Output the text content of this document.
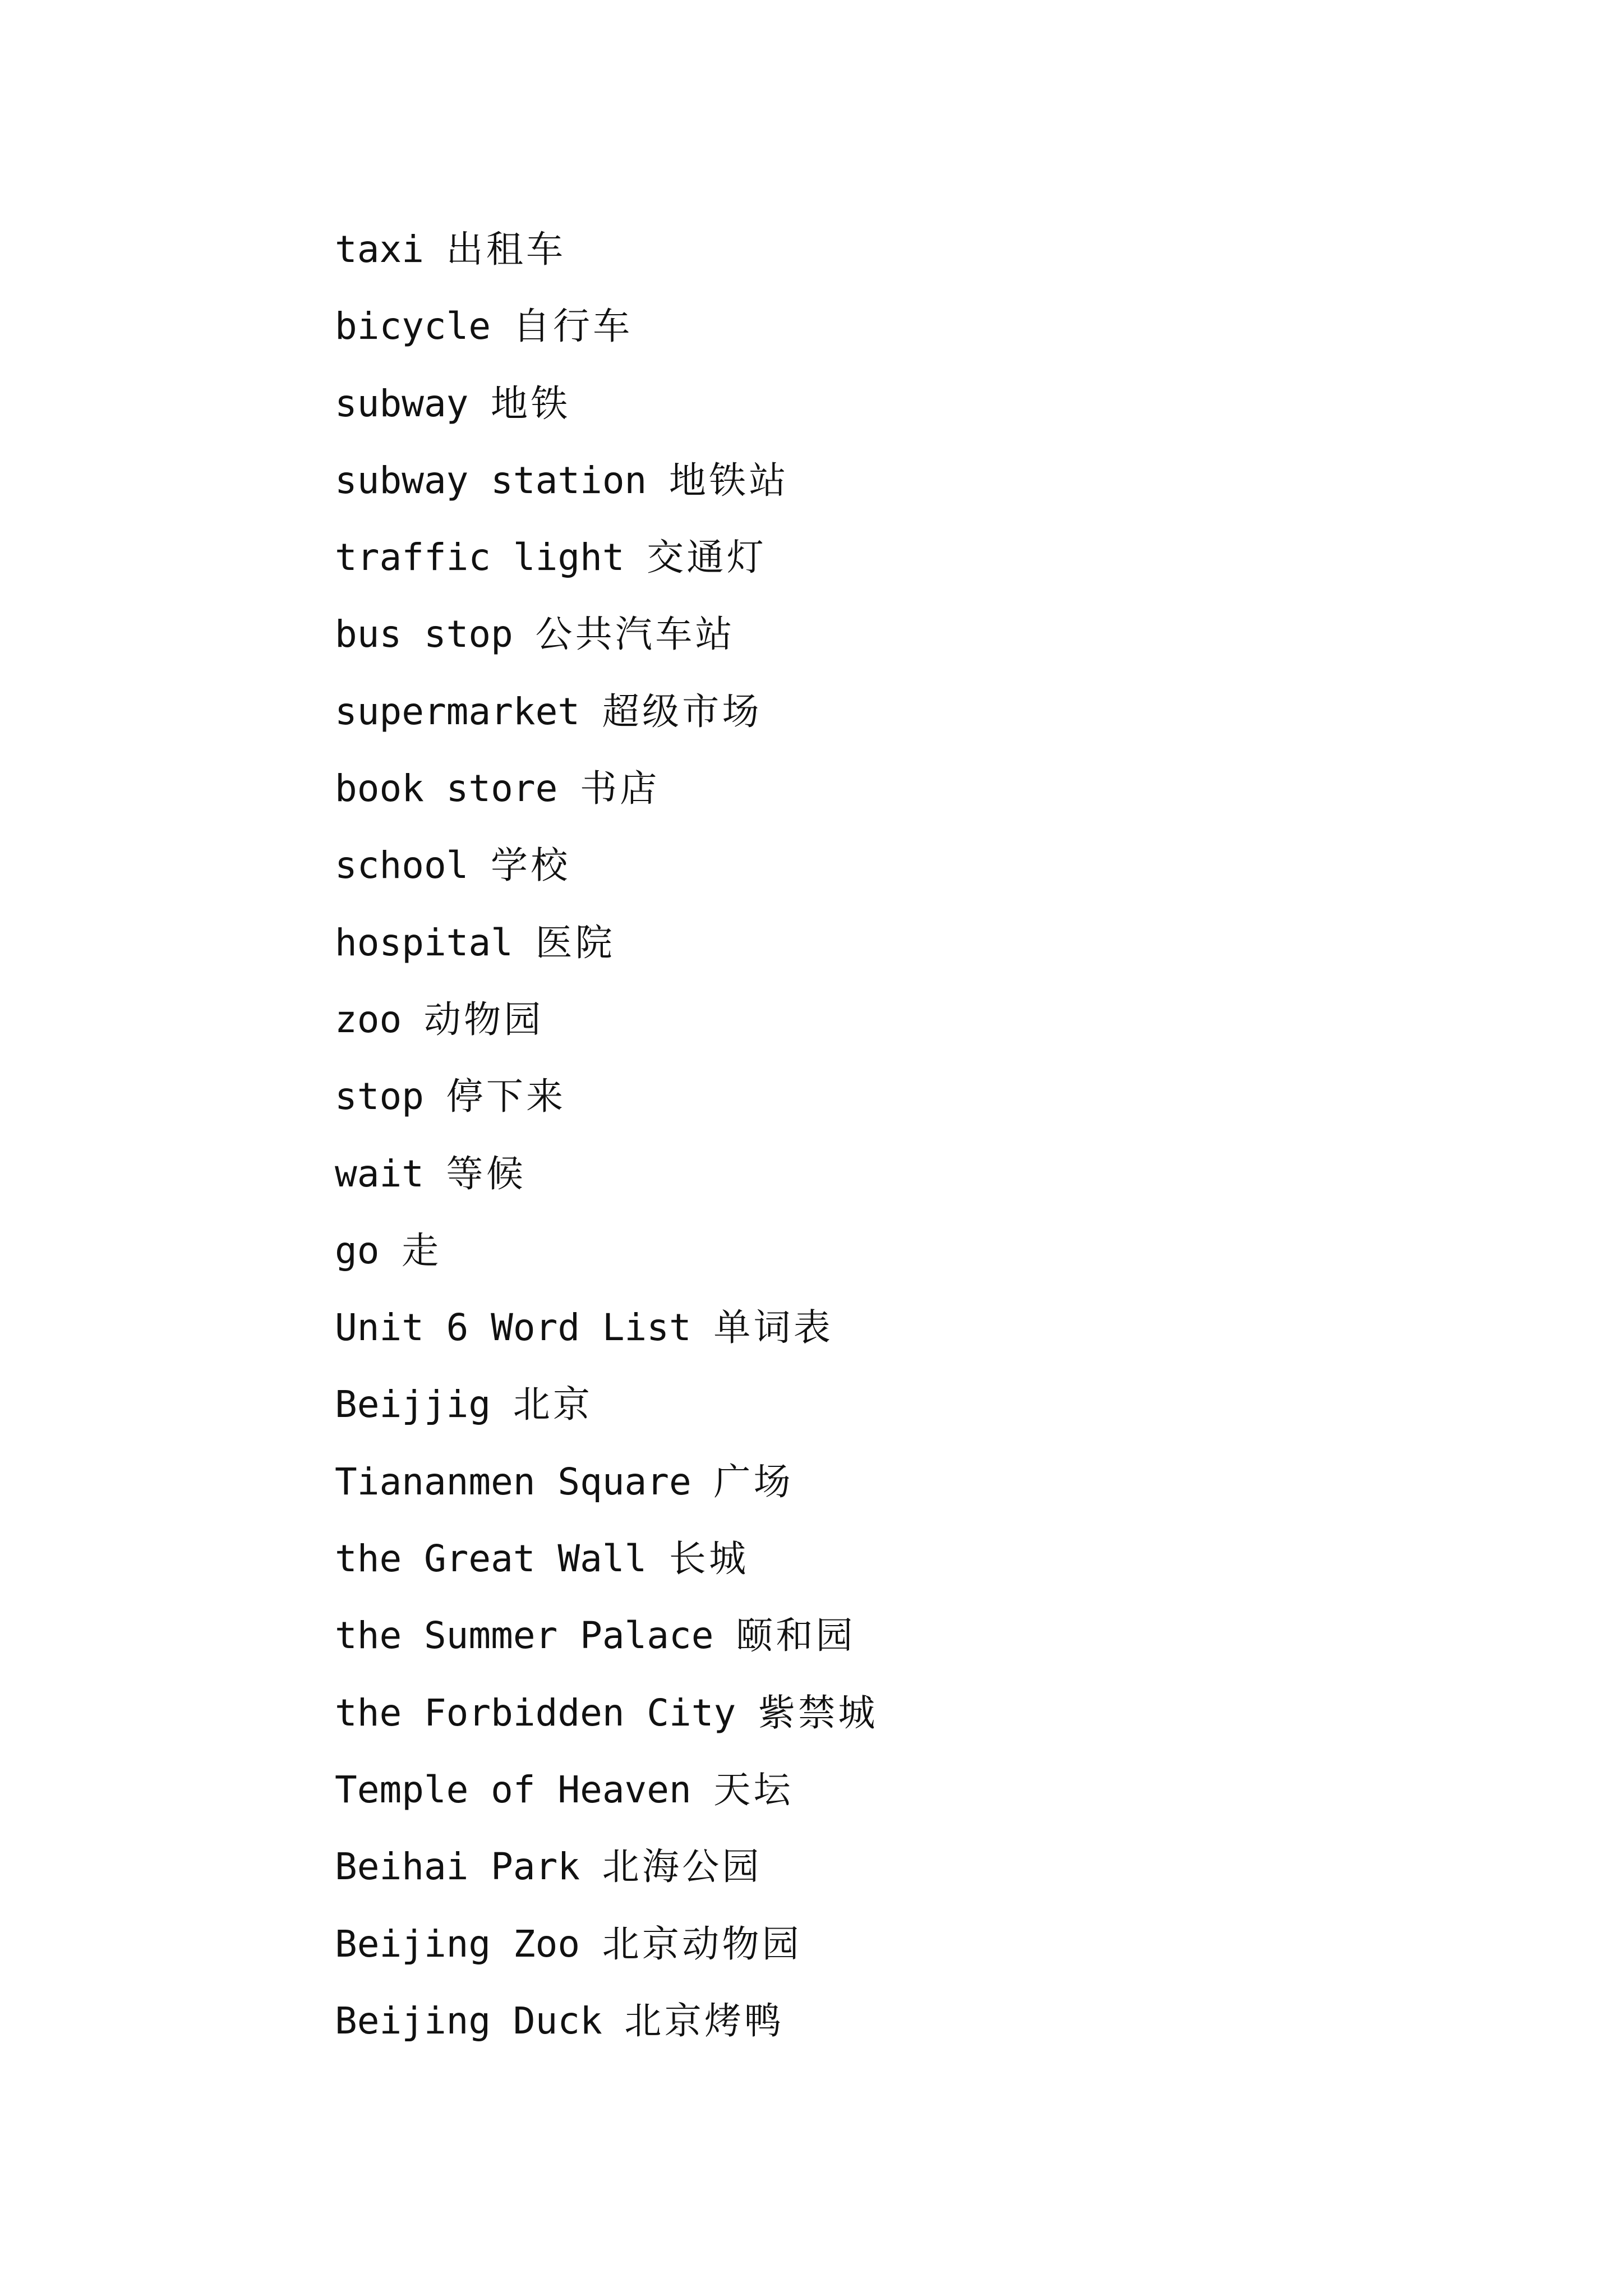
taxi 出租车
bicycle 自行车
subway 地铁
subway station 地铁站
traffic light 交通灯
bus stop 公共汽车站
supermarket 超级市场
book store 书店
school 学校
hospital 医院
zoo 动物园
stop 停下来
wait 等候
go 走
Unit 6 Word List 单词表
Beijjig 北京
Tiananmen Square 广场
the Great Wall 长城
the Summer Palace 颐和园
the Forbidden City 紫禁城
Temple of Heaven 天坛
Beihai Park 北海公园
Beijing Zoo 北京动物园
Beijing Duck 北京烤鸭
